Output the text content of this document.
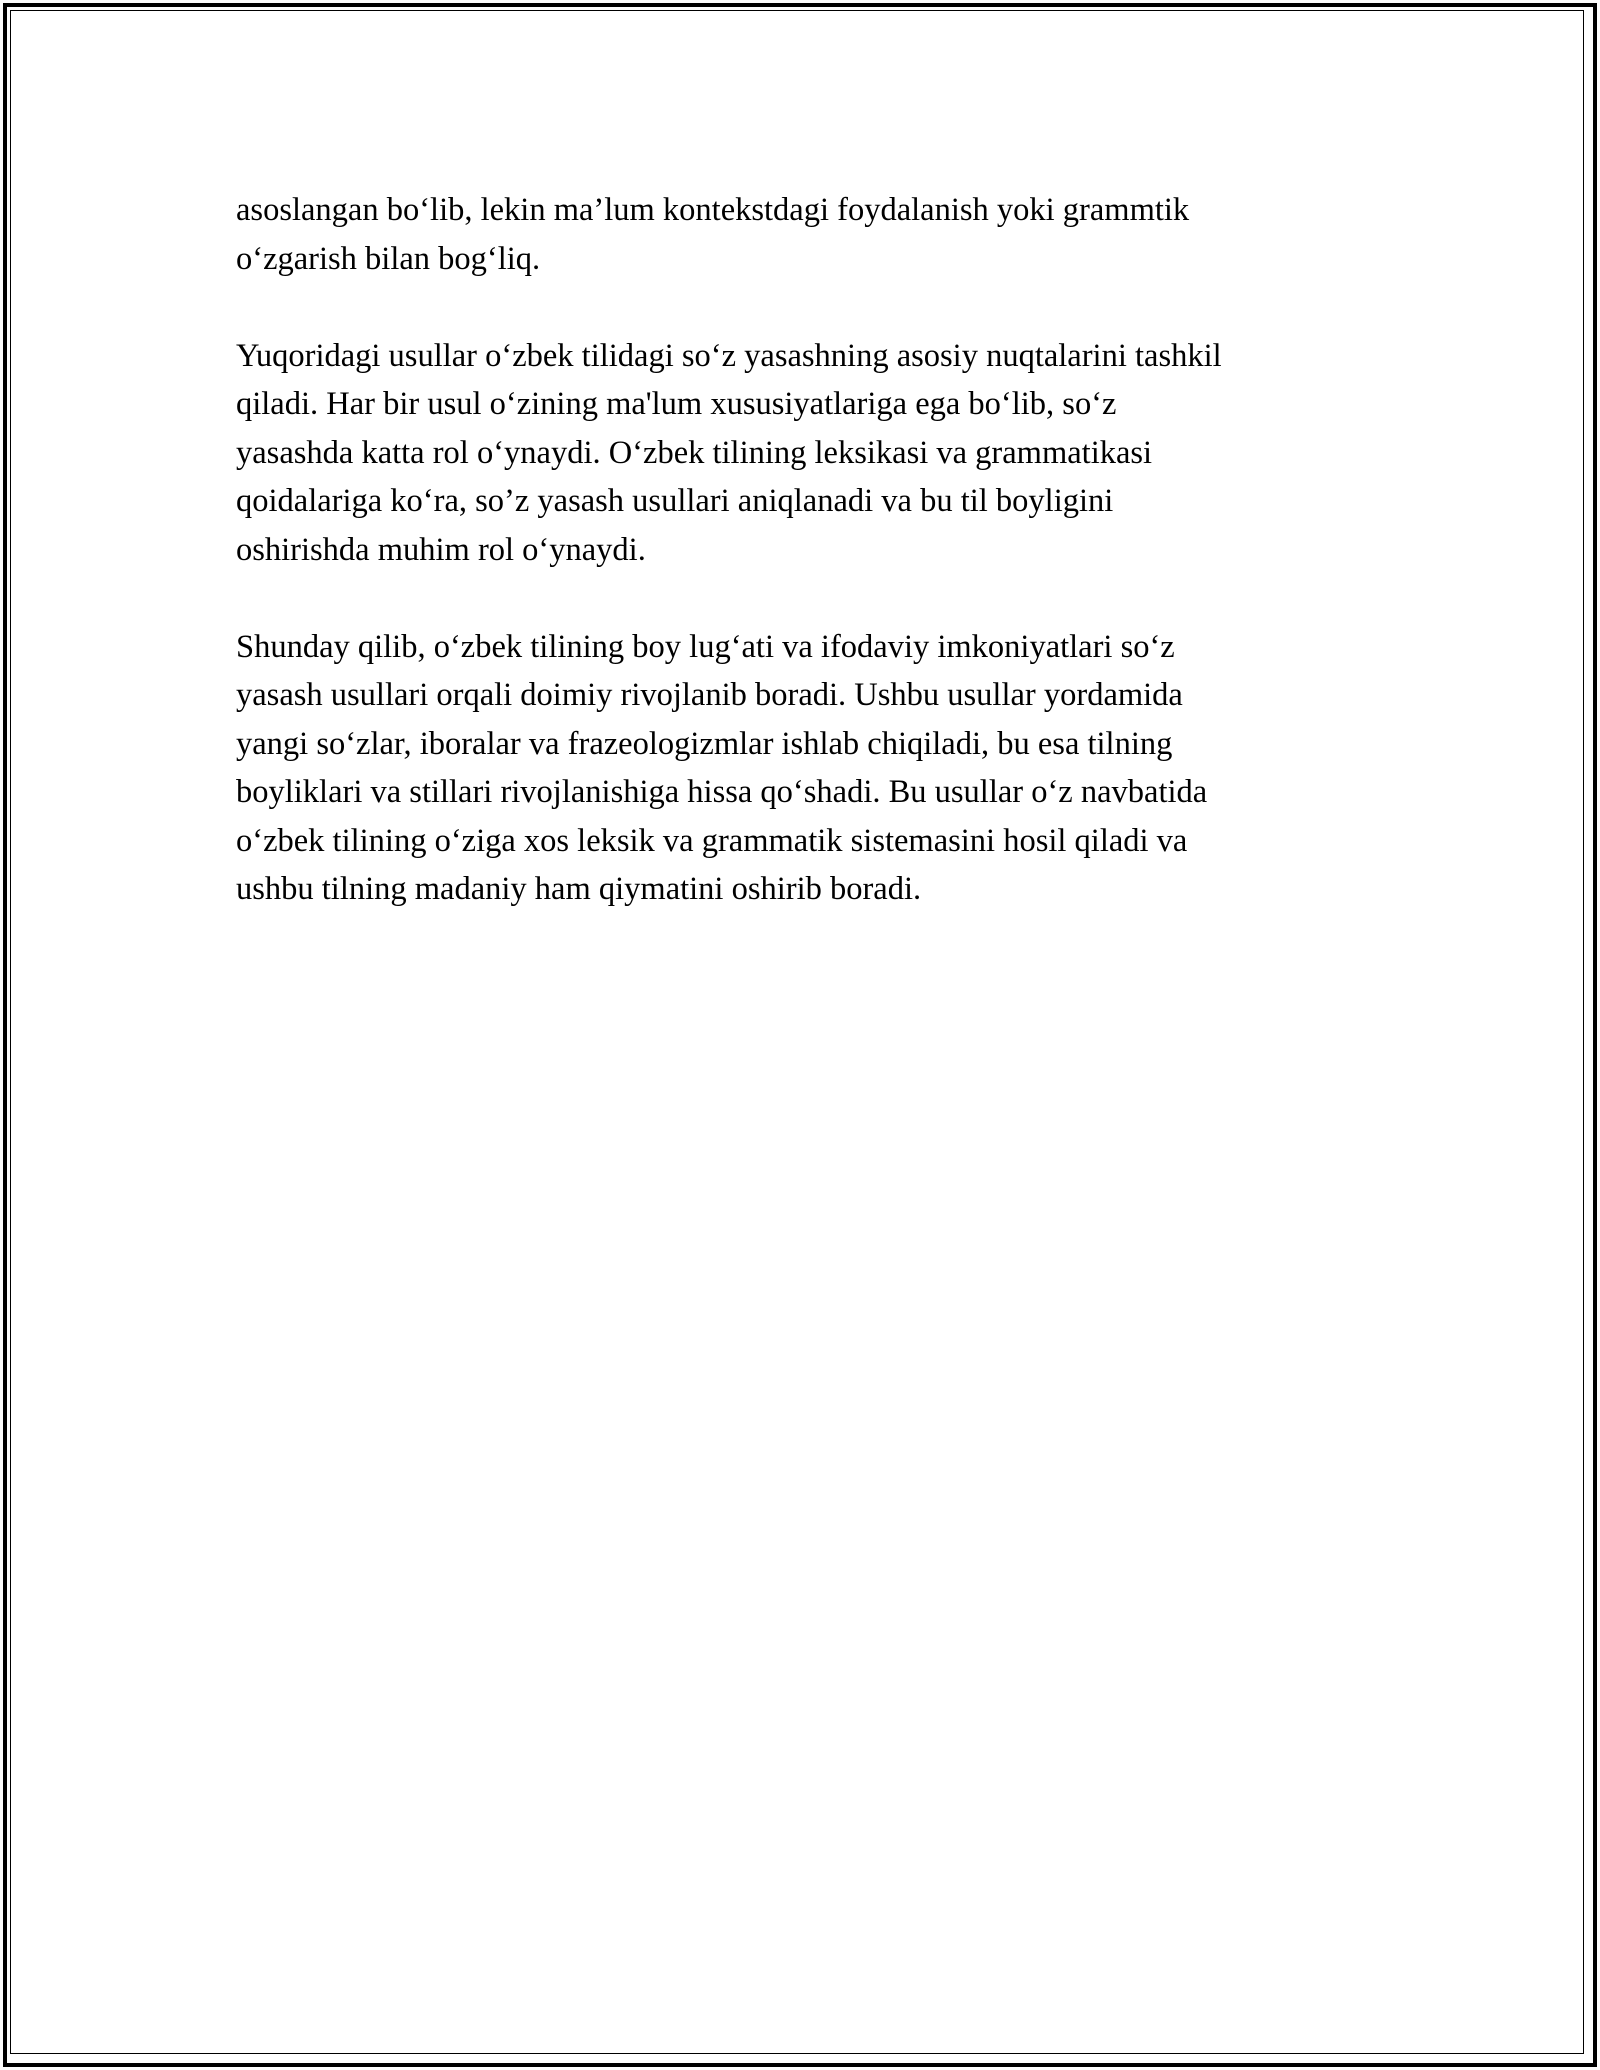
asoslangan bo‘lib, lekin ma’lum kontekstdagi foydalanish yoki grammtik
o‘zgarish bilan bog‘liq.

Yuqoridagi usullar o‘zbek tilidagi so‘z yasashning asosiy nuqtalarini tashkil
qiladi. Har bir usul o‘zining ma'lum xususiyatlariga ega bo‘lib, so‘z
yasashda katta rol o‘ynaydi. O‘zbek tilining leksikasi va grammatikasi
qoidalariga ko‘ra, so’z yasash usullari aniqlanadi va bu til boyligini
oshirishda muhim rol o‘ynaydi.

Shunday qilib, o‘zbek tilining boy lug‘ati va ifodaviy imkoniyatlari so‘z
yasash usullari orqali doimiy rivojlanib boradi. Ushbu usullar yordamida
yangi so‘zlar, iboralar va frazeologizmlar ishlab chiqiladi, bu esa tilning
boyliklari va stillari rivojlanishiga hissa qo‘shadi. Bu usullar o‘z navbatida
o‘zbek tilining o‘ziga xos leksik va grammatik sistemasini hosil qiladi va
ushbu tilning madaniy ham qiymatini oshirib boradi.
